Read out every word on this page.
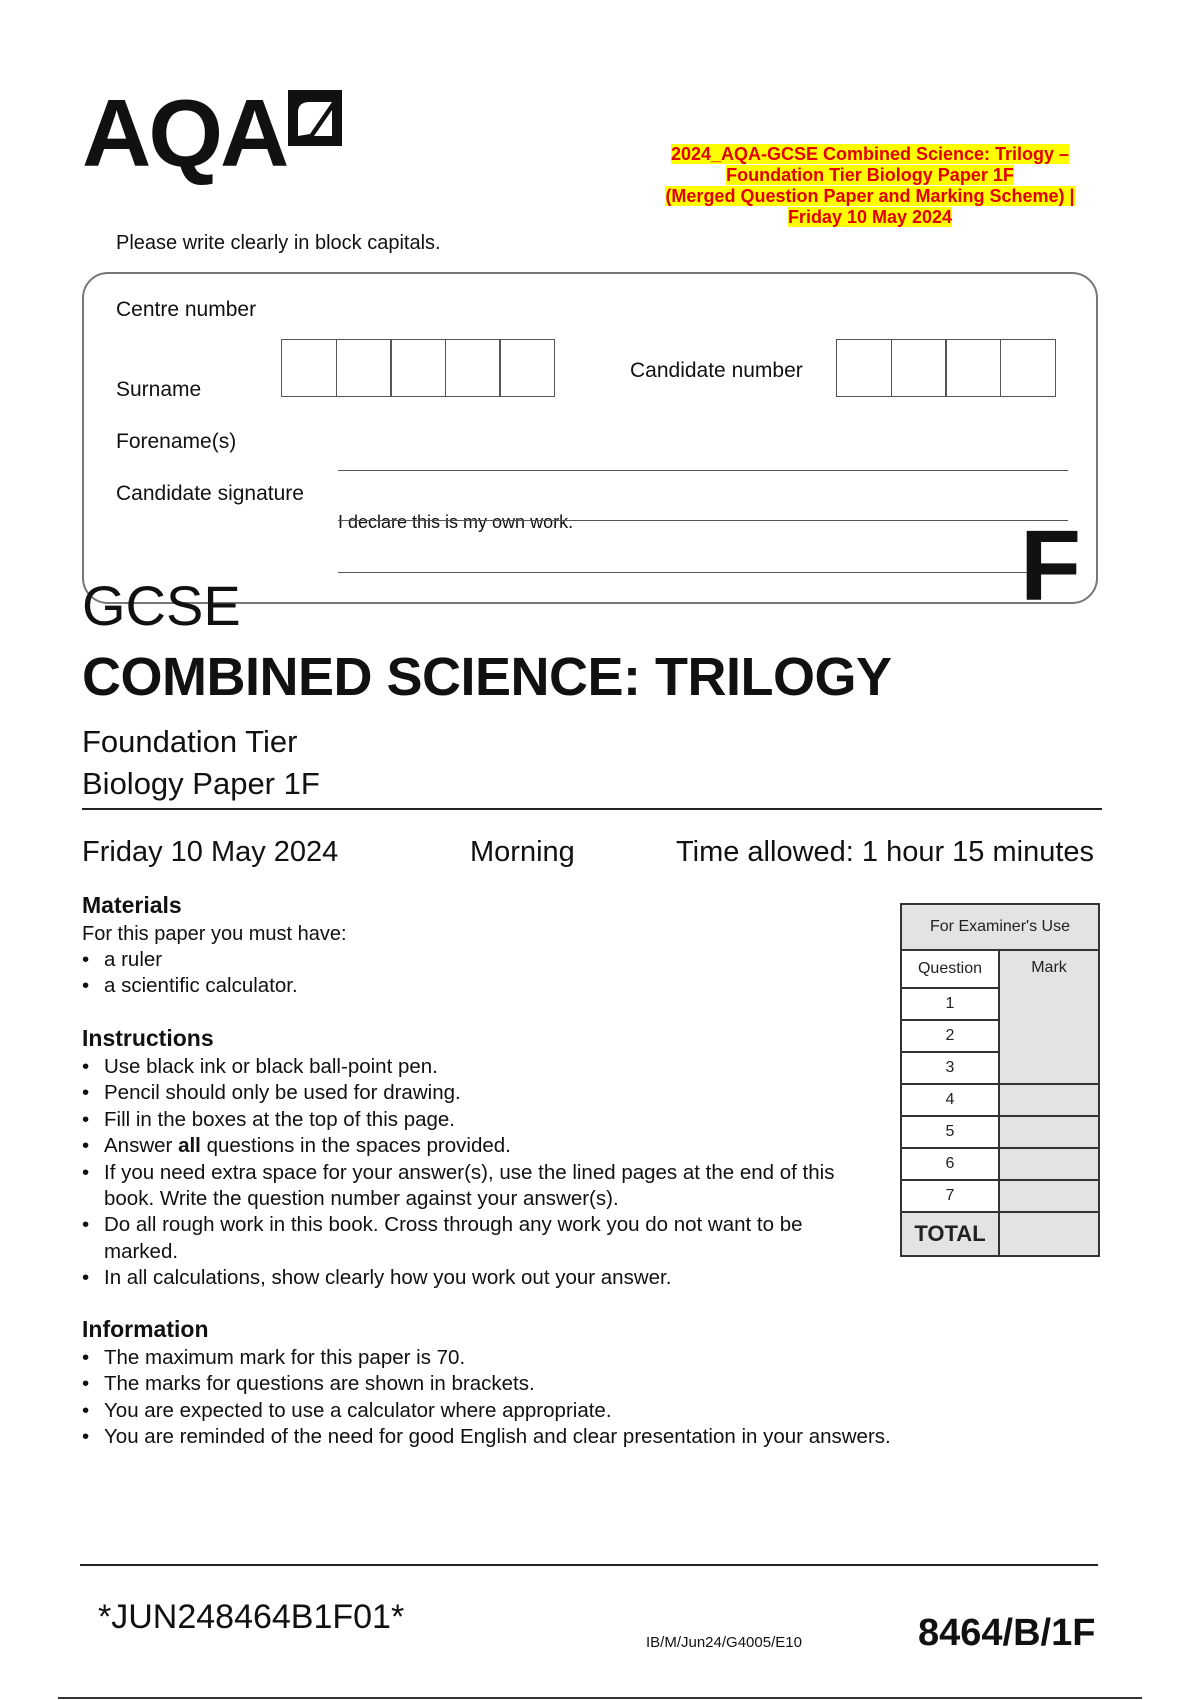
AQA	2024_AQA-GCSE Combined Science: Trilogy –
Foundation Tier Biology Paper 1F
(Merged Question Paper and Marking Scheme) |
Friday 10 May 2024
Please write clearly in block capitals.
Centre number
Surname
Forename(s)
Candidate signature
Candidate number
I declare this is my own work.	F
GCSE
COMBINED SCIENCE: TRILOGY
Foundation Tier
Biology Paper 1F
Friday 10 May 2024	Morning	Time allowed: 1 hour 15 minutes
Materials
For this paper you must have:
• a ruler
• a scientific calculator.
Instructions
• Use black ink or black ball-point pen.
• Pencil should only be used for drawing.
• Fill in the boxes at the top of this page.
• Answer all questions in the spaces provided.
• If you need extra space for your answer(s), use the lined pages at the end of this book. Write the question number against your answer(s).
• Do all rough work in this book. Cross through any work you do not want to be marked.
• In all calculations, show clearly how you work out your answer.
Information
• The maximum mark for this paper is 70.
• The marks for questions are shown in brackets.
• You are expected to use a calculator where appropriate.
• You are reminded of the need for good English and clear presentation in your answers.
For Examiner's Use	
Question	Mark
1	
2	
3	
4	
5	
6	
7	
TOTAL	
*JUN248464B1F01*
IB/M/Jun24/G4005/E10	8464/B/1F
